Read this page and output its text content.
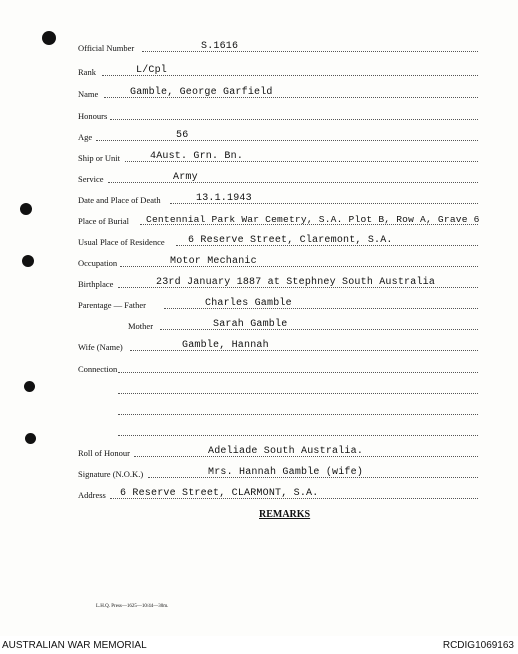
Official Number	S.1616
Rank	L/Cpl
Name	Gamble, George Garfield
Honours
Age	56
Ship or Unit	4Aust. Grn. Bn.
Service	Army
Date and Place of Death	13.1.1943
Place of Burial Centennial Park War Cemetry, S.A. Plot B, Row A, Grave 6
Usual Place of Residence 6 Reserve Street, Claremont, S.A.
Occupation	Motor Mechanic
Birthplace	23rd January 1887 at Stephney South Australia
Parentage — Father	Charles Gamble
Mother	Sarah Gamble
Wife (Name)	Gamble, Hannah
Connection
Roll of Honour	Adeliade South Australia.
Signature (N.O.K.)	Mrs. Hannah Gamble (wife)
Address 6 Reserve Street, CLARMONT, S.A.
REMARKS
L.H.Q. Press—1625—10/44—30m.
AUSTRALIAN WAR MEMORIAL	RCDIG1069163
